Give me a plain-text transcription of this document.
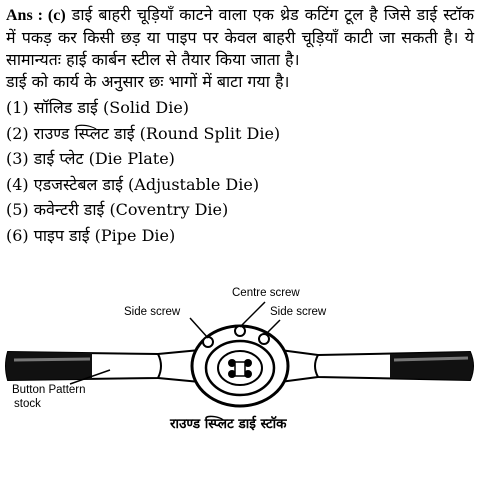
Ans : (c) डाई बाहरी चूड़ियाँ काटने वाला एक थ्रेड कटिंग टूल है जिसे डाई स्टॉक में पकड़ कर किसी छड़ या पाइप पर केवल बाहरी चूड़ियाँ काटी जा सकती है। ये सामान्यतः हाई कार्बन स्टील से तैयार किया जाता है।

डाई को कार्य के अनुसार छः भागों में बाटा गया है।

(1) सॉलिड डाई (Solid Die)
(2) राउण्ड स्प्लिट डाई (Round Split Die)
(3) डाई प्लेट (Die Plate)
(4) एडजस्टेबल डाई (Adjustable Die)
(5) कवेन्टरी डाई (Coventry Die)
(6) पाइप डाई (Pipe Die)
Centre screw
Side screw	Side screw
Button Pattern
stock
राउण्ड स्प्लिट डाई स्टॉक
